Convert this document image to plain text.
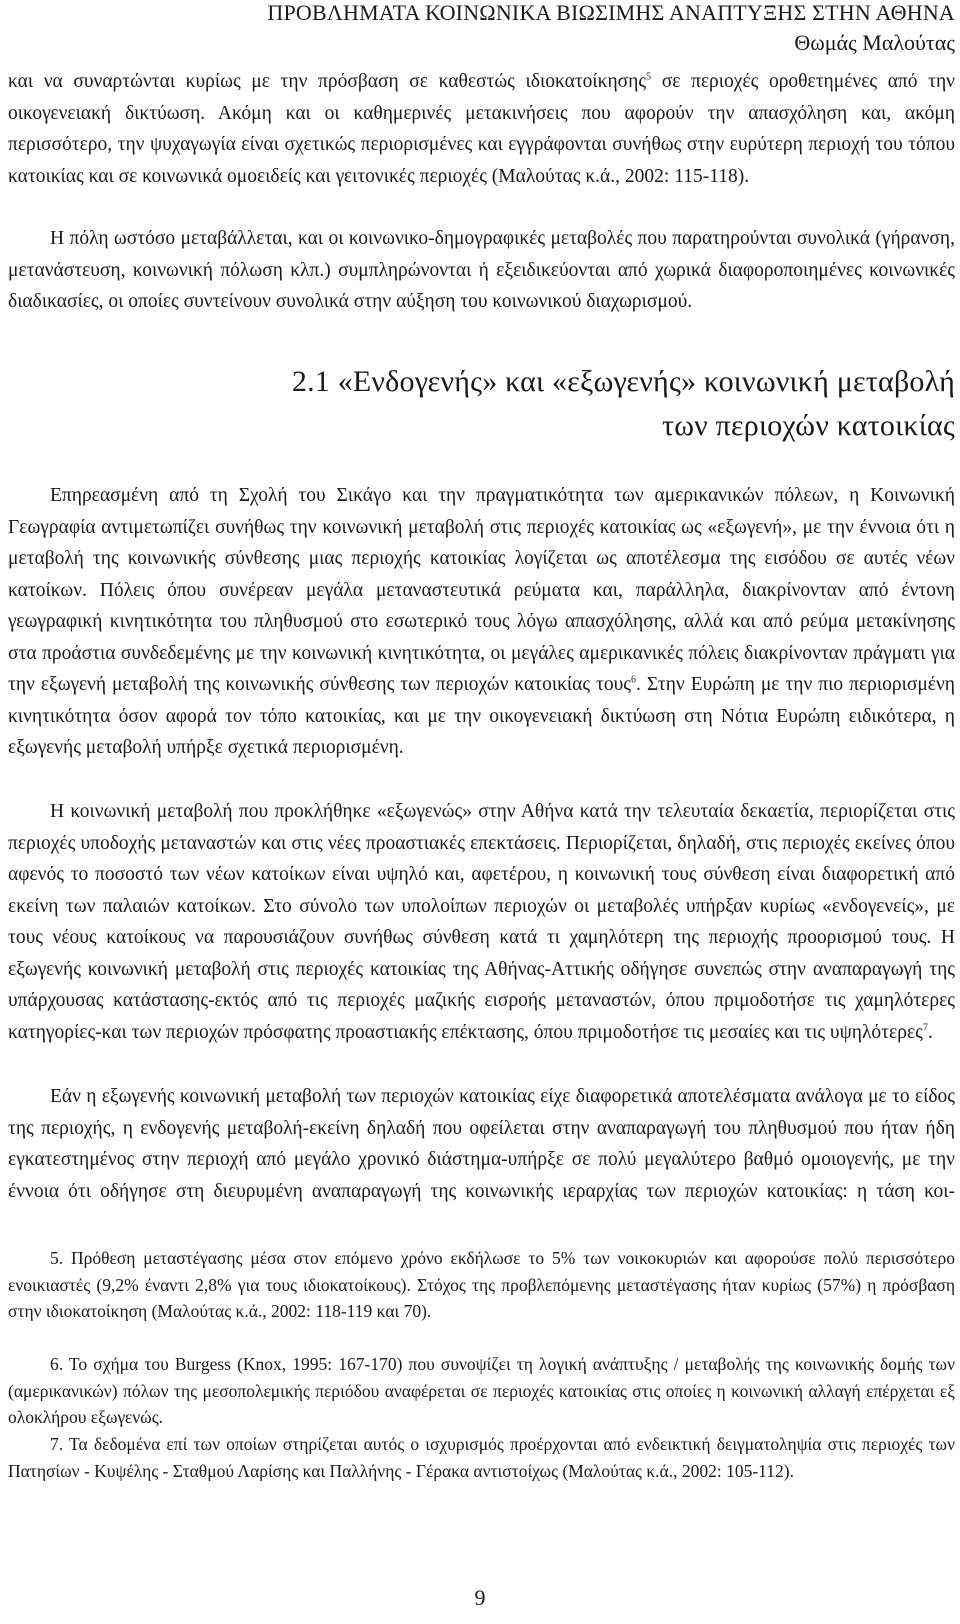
ΠΡΟΒΛΗΜΑΤΑ ΚΟΙΝΩΝΙΚΑ ΒΙΩΣΙΜΗΣ ΑΝΑΠΤΥΞΗΣ ΣΤΗΝ ΑΘΗΝΑ
Θωμάς Μαλούτας
και να συναρτώνται κυρίως με την πρόσβαση σε καθεστώς ιδιοκατοίκησης$^5$ σε περιοχές οροθετημένες από την οικογενειακή δικτύωση. Ακόμη και οι καθημερινές μετακινήσεις που αφορούν την απασχόληση και, ακόμη περισσότερο, την ψυχαγωγία είναι σχετικώς περιορισμένες και εγγράφονται συνήθως στην ευρύτερη περιοχή του τόπου κατοικίας και σε κοινωνικά ομοειδείς και γειτονικές περιοχές (Μαλούτας κ.ά., 2002: 115-118).
Η πόλη ωστόσο μεταβάλλεται, και οι κοινωνικο-δημογραφικές μεταβολές που παρατηρούνται συνολικά (γήρανση, μετανάστευση, κοινωνική πόλωση κλπ.) συμπληρώνονται ή εξειδικεύονται από χωρικά διαφοροποιημένες κοινωνικές διαδικασίες, οι οποίες συντείνουν συνολικά στην αύξηση του κοινωνικού διαχωρισμού.
2.1 «Ενδογενής» και «εξωγενής» κοινωνική μεταβολή
των περιοχών κατοικίας
Επηρεασμένη από τη Σχολή του Σικάγο και την πραγματικότητα των αμερικανικών πόλεων, η Κοινωνική Γεωγραφία αντιμετωπίζει συνήθως την κοινωνική μεταβολή στις περιοχές κατοικίας ως «εξωγενή», με την έννοια ότι η μεταβολή της κοινωνικής σύνθεσης μιας περιοχής κατοικίας λογίζεται ως αποτέλεσμα της εισόδου σε αυτές νέων κατοίκων. Πόλεις όπου συνέρεαν μεγάλα μεταναστευτικά ρεύματα και, παράλληλα, διακρίνονταν από έντονη γεωγραφική κινητικότητα του πληθυσμού στο εσωτερικό τους λόγω απασχόλησης, αλλά και από ρεύμα μετακίνησης στα προάστια συνδεδεμένης με την κοινωνική κινητικότητα, οι μεγάλες αμερικανικές πόλεις διακρίνονταν πράγματι για την εξωγενή μεταβολή της κοινωνικής σύνθεσης των περιοχών κατοικίας τους$^6$. Στην Ευρώπη με την πιο περιορισμένη κινητικότητα όσον αφορά τον τόπο κατοικίας, και με την οικογενειακή δικτύωση στη Νότια Ευρώπη ειδικότερα, η εξωγενής μεταβολή υπήρξε σχετικά περιορισμένη.
Η κοινωνική μεταβολή που προκλήθηκε «εξωγενώς» στην Αθήνα κατά την τελευταία δεκαετία, περιορίζεται στις περιοχές υποδοχής μεταναστών και στις νέες προαστιακές επεκτάσεις. Περιορίζεται, δηλαδή, στις περιοχές εκείνες όπου αφενός το ποσοστό των νέων κατοίκων είναι υψηλό και, αφετέρου, η κοινωνική τους σύνθεση είναι διαφορετική από εκείνη των παλαιών κατοίκων. Στο σύνολο των υπολοίπων περιοχών οι μεταβολές υπήρξαν κυρίως «ενδογενείς», με τους νέους κατοίκους να παρουσιάζουν συνήθως σύνθεση κατά τι χαμηλότερη της περιοχής προορισμού τους. Η εξωγενής κοινωνική μεταβολή στις περιοχές κατοικίας της Αθήνας-Αττικής οδήγησε συνεπώς στην αναπαραγωγή της υπάρχουσας κατάστασης-εκτός από τις περιοχές μαζικής εισροής μεταναστών, όπου πριμοδοτήσε τις χαμηλότερες κατηγορίες-και των περιοχών πρόσφατης προαστιακής επέκτασης, όπου πριμοδοτήσε τις μεσαίες και τις υψηλότερες$^7$.
Εάν η εξωγενής κοινωνική μεταβολή των περιοχών κατοικίας είχε διαφορετικά αποτελέσματα ανάλογα με το είδος της περιοχής, η ενδογενής μεταβολή-εκείνη δηλαδή που οφείλεται στην αναπαραγωγή του πληθυσμού που ήταν ήδη εγκατεστημένος στην περιοχή από μεγάλο χρονικό διάστημα-υπήρξε σε πολύ μεγαλύτερο βαθμό ομοιογενής, με την έννοια ότι οδήγησε στη διευρυμένη αναπαραγωγή της κοινωνικής ιεραρχίας των περιοχών κατοικίας: η τάση κοι-
5. Πρόθεση μεταστέγασης μέσα στον επόμενο χρόνο εκδήλωσε το 5% των νοικοκυριών και αφορούσε πολύ περισσότερο ενοικιαστές (9,2% έναντι 2,8% για τους ιδιοκατοίκους). Στόχος της προβλεπόμενης μεταστέγασης ήταν κυρίως (57%) η πρόσβαση στην ιδιοκατοίκηση (Μαλούτας κ.ά., 2002: 118-119 και 70).
6. Το σχήμα του Burgess (Knox, 1995: 167-170) που συνοψίζει τη λογική ανάπτυξης / μεταβολής της κοινωνικής δομής των (αμερικανικών) πόλων της μεσοπολεμικής περιόδου αναφέρεται σε περιοχές κατοικίας στις οποίες η κοινωνική αλλαγή επέρχεται εξ ολοκλήρου εξωγενώς.
7. Τα δεδομένα επί των οποίων στηρίζεται αυτός ο ισχυρισμός προέρχονται από ενδεικτική δειγματοληψία στις περιοχές των Πατησίων - Κυψέλης - Σταθμού Λαρίσης και Παλλήνης - Γέρακα αντιστοίχως (Μαλούτας κ.ά., 2002: 105-112).
9
